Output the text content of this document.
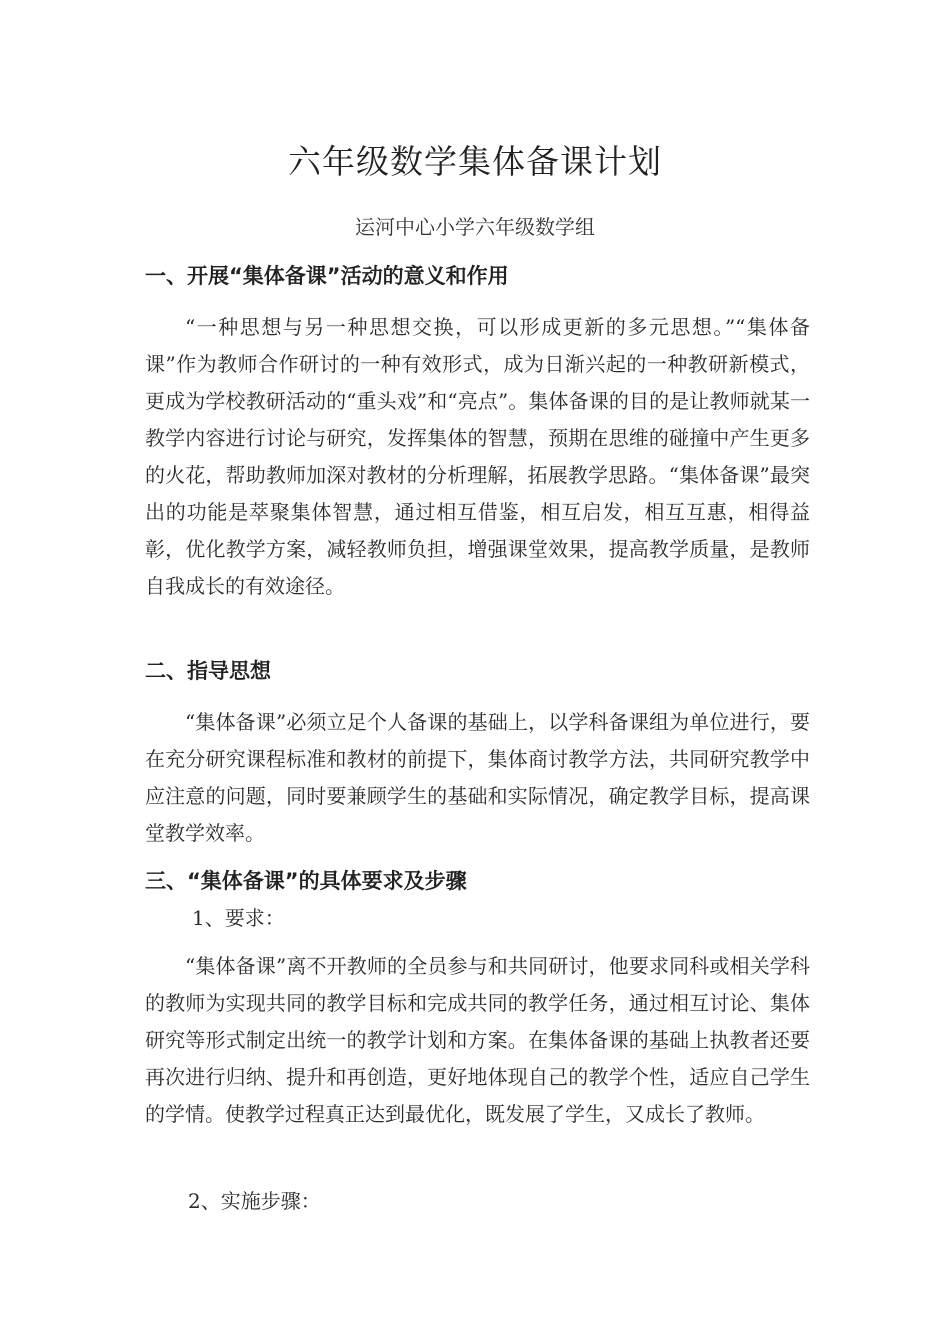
六年级数学集体备课计划
运河中心小学六年级数学组
一、开展“集体备课”活动的意义和作用
“一种思想与另一种思想交换，可以形成更新的多元思想。”“集体备课”作为教师合作研讨的一种有效形式，成为日渐兴起的一种教研新模式，更成为学校教研活动的“重头戏”和“亮点”。集体备课的目的是让教师就某一教学内容进行讨论与研究，发挥集体的智慧，预期在思维的碰撞中产生更多的火花，帮助教师加深对教材的分析理解，拓展教学思路。“集体备课”最突出的功能是萃聚集体智慧，通过相互借鉴，相互启发，相互互惠，相得益彰，优化教学方案，减轻教师负担，增强课堂效果，提高教学质量，是教师自我成长的有效途径。
二、指导思想
“集体备课”必须立足个人备课的基础上，以学科备课组为单位进行，要在充分研究课程标准和教材的前提下，集体商讨教学方法，共同研究教学中应注意的问题，同时要兼顾学生的基础和实际情况，确定教学目标，提高课堂教学效率。
三、“集体备课”的具体要求及步骤
1、要求：
“集体备课”离不开教师的全员参与和共同研讨，他要求同科或相关学科的教师为实现共同的教学目标和完成共同的教学任务，通过相互讨论、集体研究等形式制定出统一的教学计划和方案。在集体备课的基础上执教者还要再次进行归纳、提升和再创造，更好地体现自己的教学个性，适应自己学生的学情。使教学过程真正达到最优化，既发展了学生，又成长了教师。
2、实施步骤：
